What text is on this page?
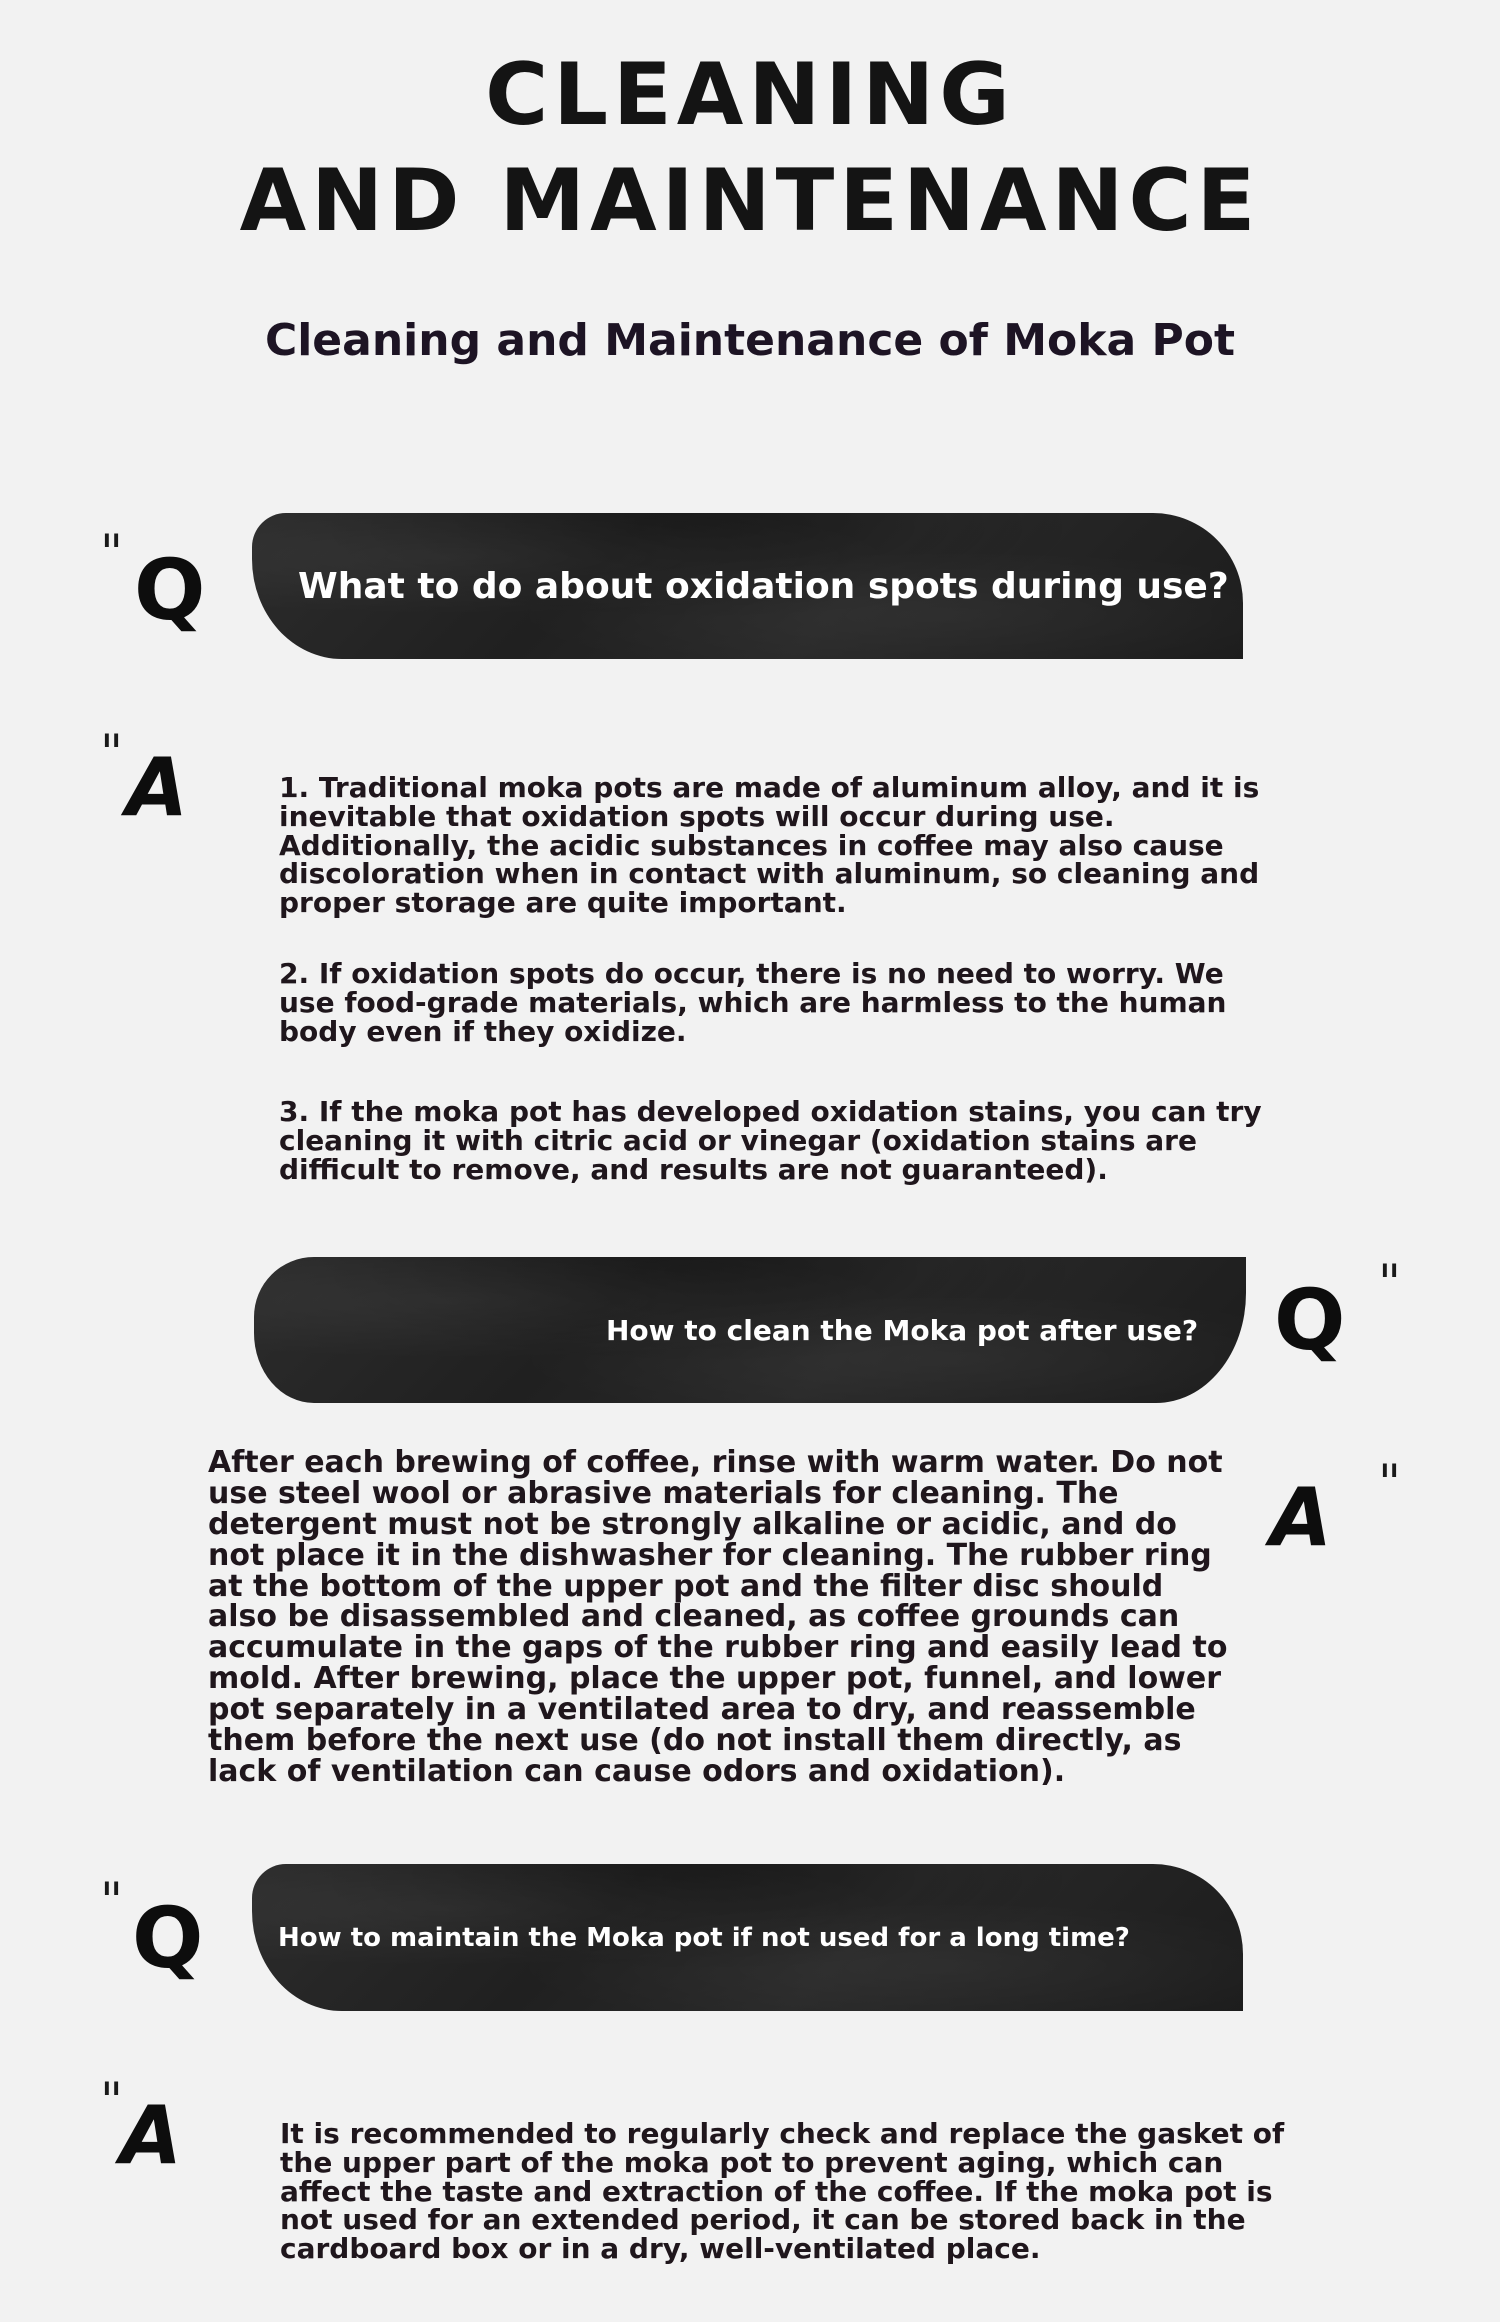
CLEANING
AND MAINTENANCE
Cleaning and Maintenance of Moka Pot
" Q	What to do about oxidation spots during use?
" A	1. Traditional moka pots are made of aluminum alloy, and it is inevitable that oxidation spots will occur during use. Additionally, the acidic substances in coffee may also cause discoloration when in contact with aluminum, so cleaning and proper storage are quite important.
2. If oxidation spots do occur, there is no need to worry. We use food-grade materials, which are harmless to the human body even if they oxidize.
3. If the moka pot has developed oxidation stains, you can try cleaning it with citric acid or vinegar (oxidation stains are difficult to remove, and results are not guaranteed).
How to clean the Moka pot after use? Q "
After each brewing of coffee, rinse with warm water. Do not use steel wool or abrasive materials for cleaning. The detergent must not be strongly alkaline or acidic, and do not place it in the dishwasher for cleaning. The rubber ring at the bottom of the upper pot and the filter disc should also be disassembled and cleaned, as coffee grounds can accumulate in the gaps of the rubber ring and easily lead to mold. After brewing, place the upper pot, funnel, and lower pot separately in a ventilated area to dry, and reassemble them before the next use (do not install them directly, as lack of ventilation can cause odors and oxidation).
A "
" Q	How to maintain the Moka pot if not used for a long time?
"
A	It is recommended to regularly check and replace the gasket of the upper part of the moka pot to prevent aging, which can affect the taste and extraction of the coffee. If the moka pot is not used for an extended period, it can be stored back in the cardboard box or in a dry, well-ventilated place.
